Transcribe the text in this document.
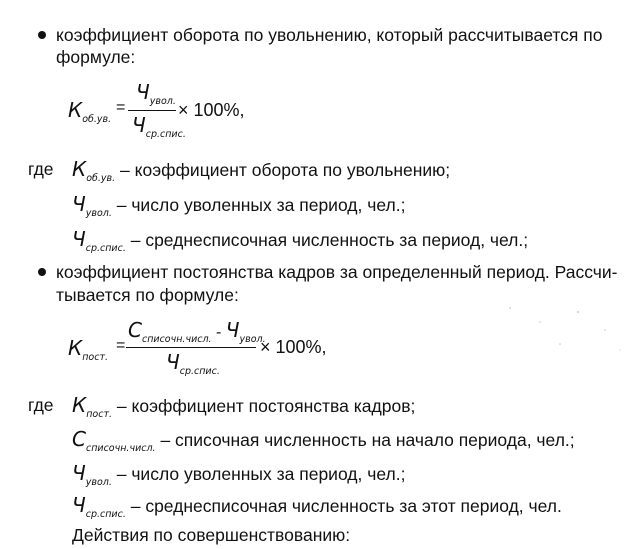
коэффициент оборота по увольнению, который рассчитывается по
формуле:
$К_{об.ув.}$
=
$Ч_{увол.}$
$Ч_{ср.спис.}$
× 100%,
где $К_{об.ув.}$ – коэффициент оборота по увольнению;
$Ч_{увол.}$ – число уволенных за период, чел.;
$Ч_{ср.спис.}$ – среднесписочная численность за период, чел.;
коэффициент постоянства кадров за определенный период. Рассчи-
тывается по формуле:
$К_{пост.}$
=
$С_{списочн.числ.} - Ч_{увол.}$
$Ч_{ср.спис.}$
× 100%,
где $К_{пост.}$ – коэффициент постоянства кадров;
$С_{списочн.числ.}$ – списочная численность на начало периода, чел.;
$Ч_{увол.}$ – число уволенных за период, чел.;
$Ч_{ср.спис.}$ – среднесписочная численность за этот период, чел.
Действия по совершенствованию:
